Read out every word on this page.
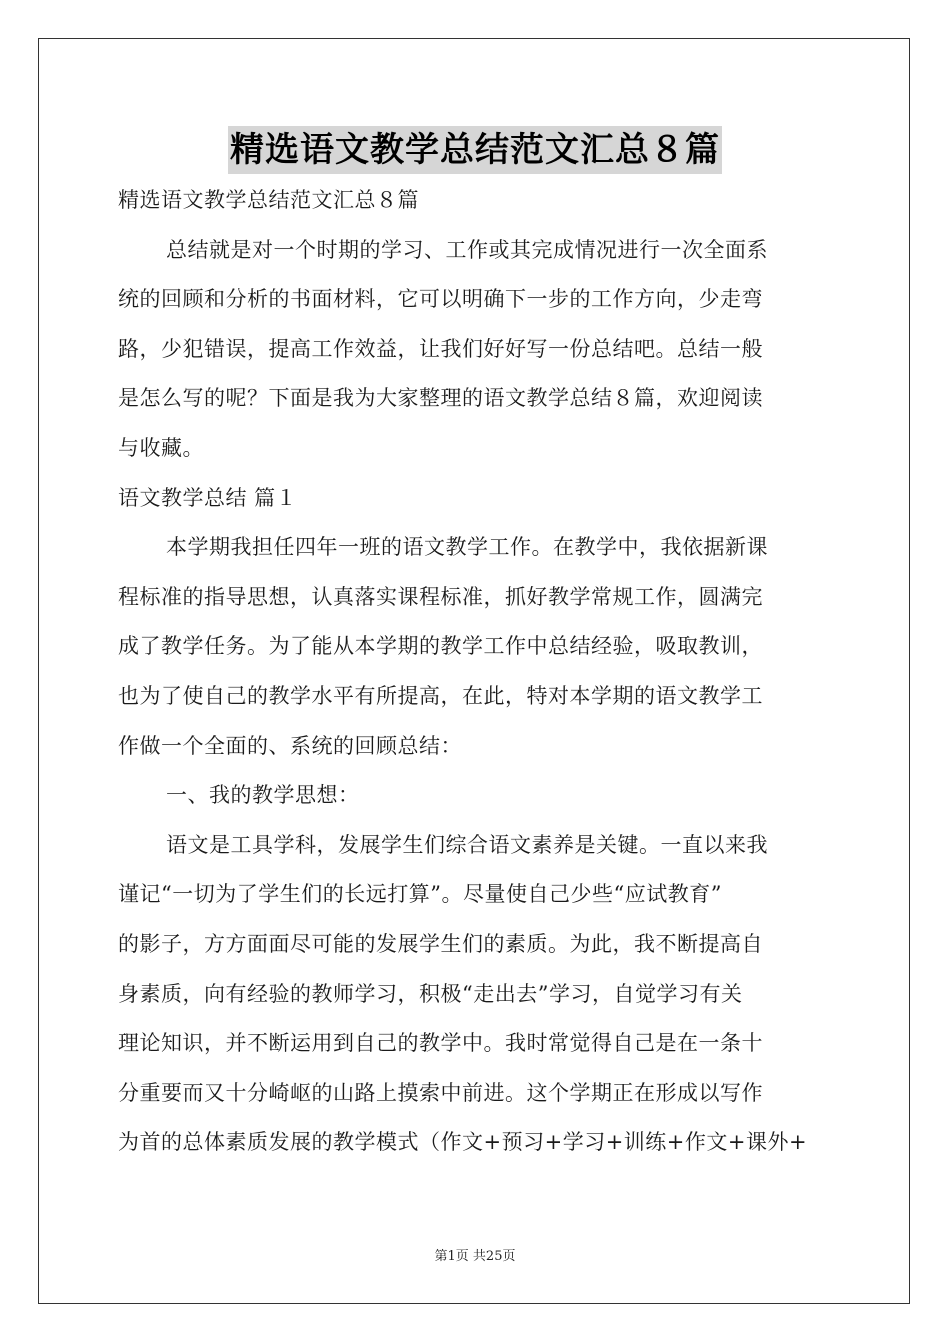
精选语文教学总结范文汇总８篇
精选语文教学总结范文汇总８篇
总结就是对一个时期的学习、工作或其完成情况进行一次全面系
统的回顾和分析的书面材料，它可以明确下一步的工作方向，少走弯
路，少犯错误，提高工作效益，让我们好好写一份总结吧。总结一般
是怎么写的呢？下面是我为大家整理的语文教学总结８篇，欢迎阅读
与收藏。
语文教学总结 篇１
本学期我担任四年一班的语文教学工作。在教学中，我依据新课
程标准的指导思想，认真落实课程标准，抓好教学常规工作，圆满完
成了教学任务。为了能从本学期的教学工作中总结经验，吸取教训，
也为了使自己的教学水平有所提高，在此，特对本学期的语文教学工
作做一个全面的、系统的回顾总结：
一、我的教学思想：
语文是工具学科，发展学生们综合语文素养是关键。一直以来我
谨记“一切为了学生们的长远打算”。尽量使自己少些“应试教育”
的影子，方方面面尽可能的发展学生们的素质。为此，我不断提高自
身素质，向有经验的教师学习，积极“走出去”学习，自觉学习有关
理论知识，并不断运用到自己的教学中。我时常觉得自己是在一条十
分重要而又十分崎岖的山路上摸索中前进。这个学期正在形成以写作
为首的总体素质发展的教学模式（作文+预习+学习+训练+作文+课外+
第1页 共25页
